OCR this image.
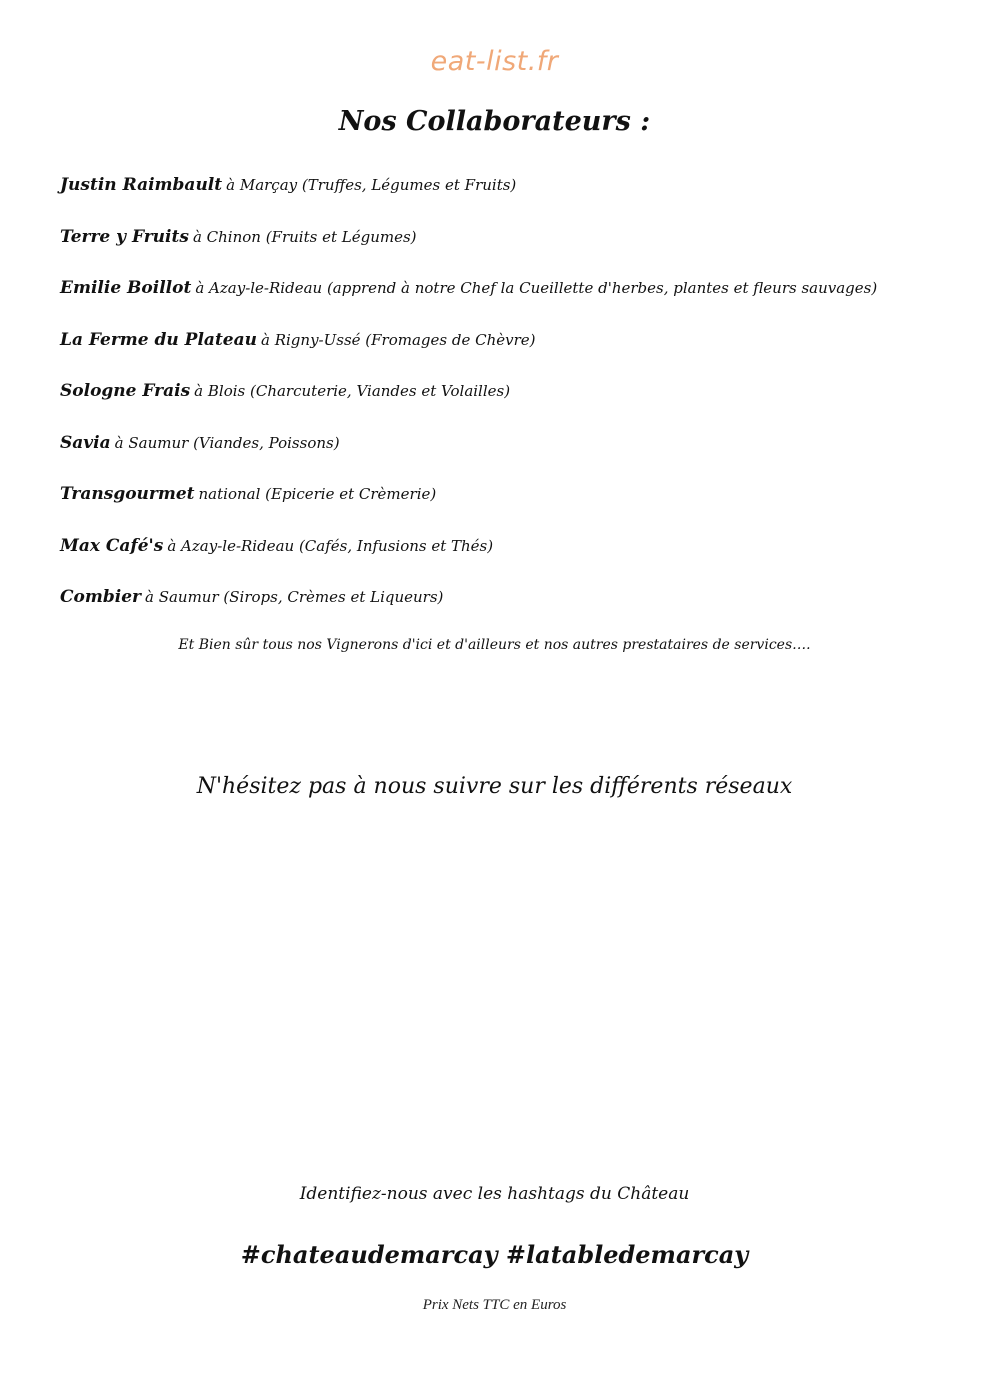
eat-list.fr
Nos Collaborateurs :
Justin Raimbault à Marçay (Truffes, Légumes et Fruits)
Terre y Fruits à Chinon (Fruits et Légumes)
Emilie Boillot à Azay-le-Rideau (apprend à notre Chef la Cueillette d'herbes, plantes et fleurs sauvages)
La Ferme du Plateau à Rigny-Ussé (Fromages de Chèvre)
Sologne Frais à Blois (Charcuterie, Viandes et Volailles)
Savia à Saumur (Viandes, Poissons)
Transgourmet national (Epicerie et Crèmerie)
Max Café's à Azay-le-Rideau (Cafés, Infusions et Thés)
Combier à Saumur (Sirops, Crèmes et Liqueurs)
Et Bien sûr tous nos Vignerons d'ici et d'ailleurs et nos autres prestataires de services….
N'hésitez pas à nous suivre sur les différents réseaux
Identifiez-nous avec les hashtags du Château
#chateaudemarcay #latabledemarcay
Prix Nets TTC en Euros
